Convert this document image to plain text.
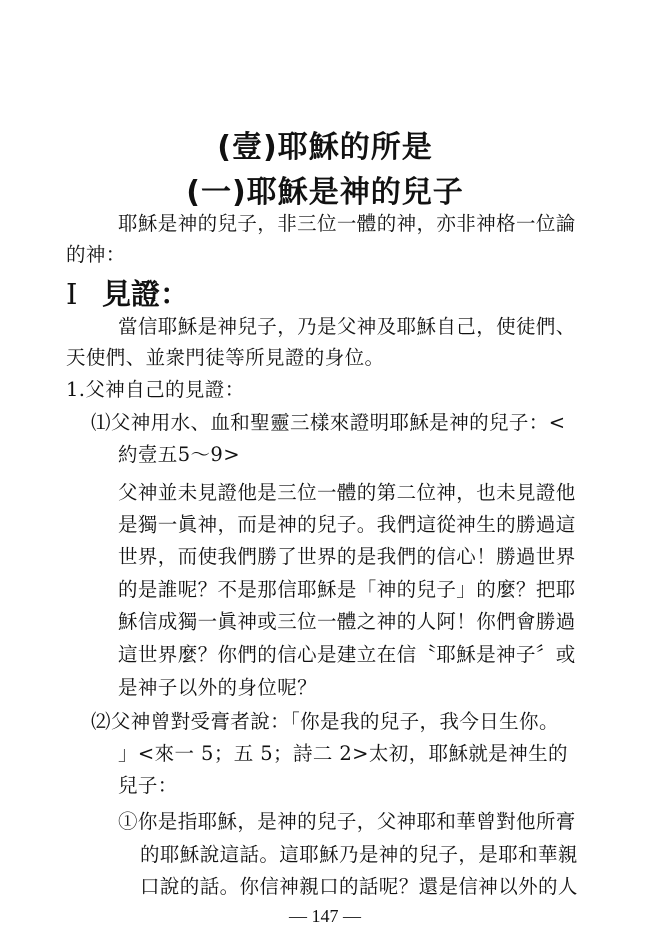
(壹)耶穌的所是
(一)耶穌是神的兒子
耶穌是神的兒子，非三位一體的神，亦非神格一位論
的神：
I 見證：
當信耶穌是神兒子，乃是父神及耶穌自己，使徒們、
天使們、並衆門徒等所見證的身位。
1.父神自己的見證：
⑴父神用水、血和聖靈三樣來證明耶穌是神的兒子：<
約壹五5～9>
父神並未見證他是三位一體的第二位神，也未見證他
是獨一眞神，而是神的兒子。我們這從神生的勝過這
世界，而使我們勝了世界的是我們的信心！勝過世界
的是誰呢？不是那信耶穌是「神的兒子」的麼？把耶
穌信成獨一眞神或三位一體之神的人阿！你們會勝過
這世界麼？你們的信心是建立在信〝耶穌是神子〞或
是神子以外的身位呢？
⑵父神曾對受膏者說：「你是我的兒子，我今日生你。
」<來一 5；五 5；詩二 2>太初，耶穌就是神生的
兒子：
①你是指耶穌，是神的兒子，父神耶和華曾對他所膏
的耶穌說這話。這耶穌乃是神的兒子，是耶和華親
口說的話。你信神親口的話呢？還是信神以外的人
— 147 —
